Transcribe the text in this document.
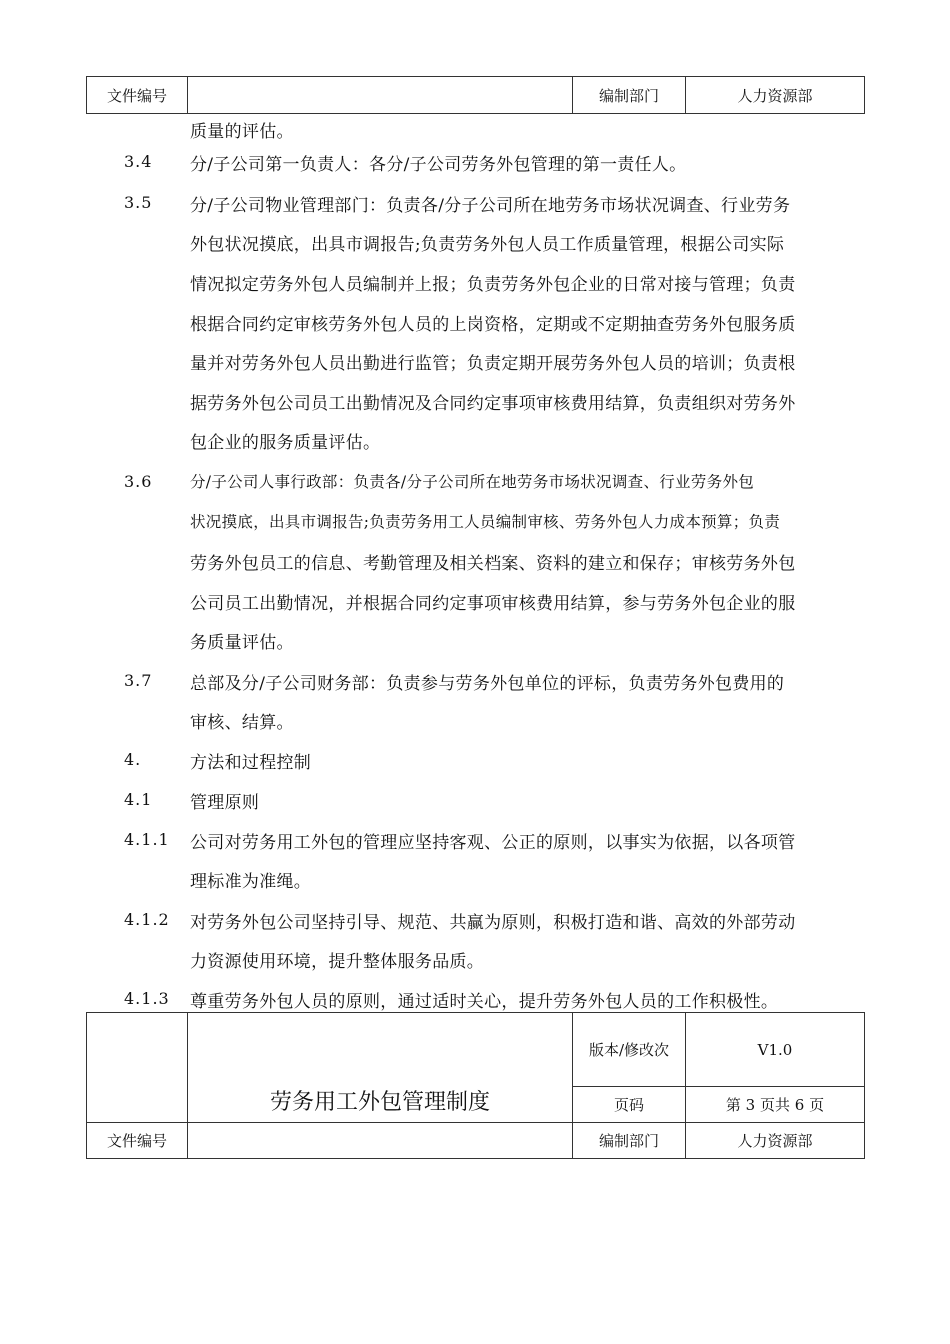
文件编号		编制部门	人力资源部
质量的评估。
3.4 分/子公司第一负责人：各分/子公司劳务外包管理的第一责任人。
3.5 分/子公司物业管理部门：负责各/分子公司所在地劳务市场状况调查、行业劳务
外包状况摸底，出具市调报告;负责劳务外包人员工作质量管理，根据公司实际
情况拟定劳务外包人员编制并上报；负责劳务外包企业的日常对接与管理；负责
根据合同约定审核劳务外包人员的上岗资格，定期或不定期抽查劳务外包服务质
量并对劳务外包人员出勤进行监管；负责定期开展劳务外包人员的培训；负责根
据劳务外包公司员工出勤情况及合同约定事项审核费用结算，负责组织对劳务外
包企业的服务质量评估。
3.6 分/子公司人事行政部：负责各/分子公司所在地劳务市场状况调查、行业劳务外包
状况摸底，出具市调报告;负责劳务用工人员编制审核、劳务外包人力成本预算；负责
劳务外包员工的信息、考勤管理及相关档案、资料的建立和保存；审核劳务外包
公司员工出勤情况，并根据合同约定事项审核费用结算，参与劳务外包企业的服
务质量评估。
3.7 总部及分/子公司财务部：负责参与劳务外包单位的评标，负责劳务外包费用的
审核、结算。
4.	方法和过程控制
4.1 管理原则
4.1.1 公司对劳务用工外包的管理应坚持客观、公正的原则，以事实为依据，以各项管
理标准为准绳。
4.1.2 对劳务外包公司坚持引导、规范、共赢为原则，积极打造和谐、高效的外部劳动
力资源使用环境，提升整体服务品质。
4.1.3 尊重劳务外包人员的原则，通过适时关心，提升劳务外包人员的工作积极性。
	劳务用工外包管理制度	版本/修改次	V1.0
		页码	第 3 页共 6 页
文件编号		编制部门	人力资源部
